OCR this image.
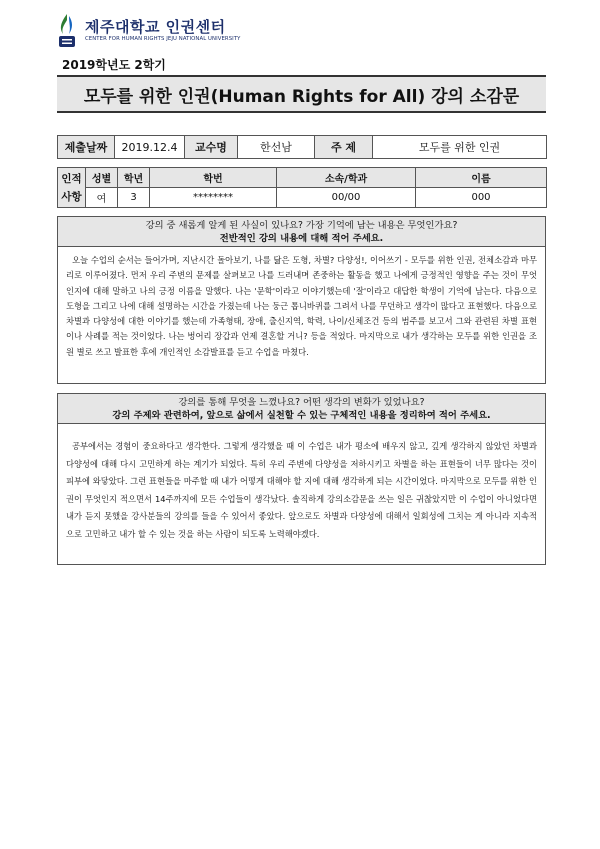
제주대학교 인권센터
CENTER FOR HUMAN RIGHTS JEJU NATIONAL UNIVERSITY
2019학년도 2학기
모두를 위한 인권(Human Rights for All) 강의 소감문
제출날짜	2019.12.4	교수명	한선남	주 제	모두를 위한 인권
인적사항	성별	학년	학번	소속/학과	이름
	여	3	********	00/00	000
강의 중 새롭게 알게 된 사실이 있나요? 가장 기억에 남는 내용은 무엇인가요?
전반적인 강의 내용에 대해 적어 주세요.
오늘 수업의 순서는 들어가며, 지난시간 돌아보기, 나를 닮은 도형, 차별? 다양성!, 이어쓰기 - 모두를 위한 인권, 전체소감과 마무리로 이루어졌다. 먼저 우리 주변의 문제를 살펴보고 나를 드러내며 존중하는 활동을 했고 나에게 긍정적인 영향을 주는 것이 무엇인지에 대해 말하고 나의 긍정 이름을 말했다. 나는 '문학'이라고 이야기했는데 '잘'이라고 대답한 학생이 기억에 남는다. 다음으로 도형을 그리고 나에 대해 설명하는 시간을 가졌는데 나는 둥근 톱니바퀴를 그려서 나를 무던하고 생각이 많다고 표현했다. 다음으로 차별과 다양성에 대한 이야기를 했는데 가족형태, 장애, 출신지역, 학력, 나이/신체조건 등의 범주를 보고서 그와 관련된 차별 표현이나 사례를 적는 것이었다. 나는 벙어리 장갑과 언제 결혼할 거니? 등을 적었다. 마지막으로 내가 생각하는 모두를 위한 인권을 조원 별로 쓰고 발표한 후에 개인적인 소감발표를 듣고 수업을 마쳤다.
강의를 통해 무엇을 느꼈나요? 어떤 생각의 변화가 있었나요?
강의 주제와 관련하여, 앞으로 삶에서 실천할 수 있는 구체적인 내용을 정리하여 적어 주세요.
공부에서는 경험이 중요하다고 생각한다. 그렇게 생각했을 때 이 수업은 내가 평소에 배우지 않고, 깊게 생각하지 않았던 차별과 다양성에 대해 다시 고민하게 하는 계기가 되었다. 특히 우리 주변에 다양성을 저하시키고 차별을 하는 표현들이 너무 많다는 것이 피부에 와닿았다. 그런 표현들을 마주할 때 내가 어떻게 대해야 할 지에 대해 생각하게 되는 시간이었다. 마지막으로 모두를 위한 인권이 무엇인지 적으면서 14주까지에 모든 수업들이 생각났다. 솔직하게 강의소감문을 쓰는 일은 귀찮았지만 이 수업이 아니었다면 내가 듣지 못했을 강사분들의 강의를 들을 수 있어서 좋았다. 앞으로도 차별과 다양성에 대해서 일회성에 그치는 게 아니라 지속적으로 고민하고 내가 할 수 있는 것을 하는 사람이 되도록 노력해야겠다.
